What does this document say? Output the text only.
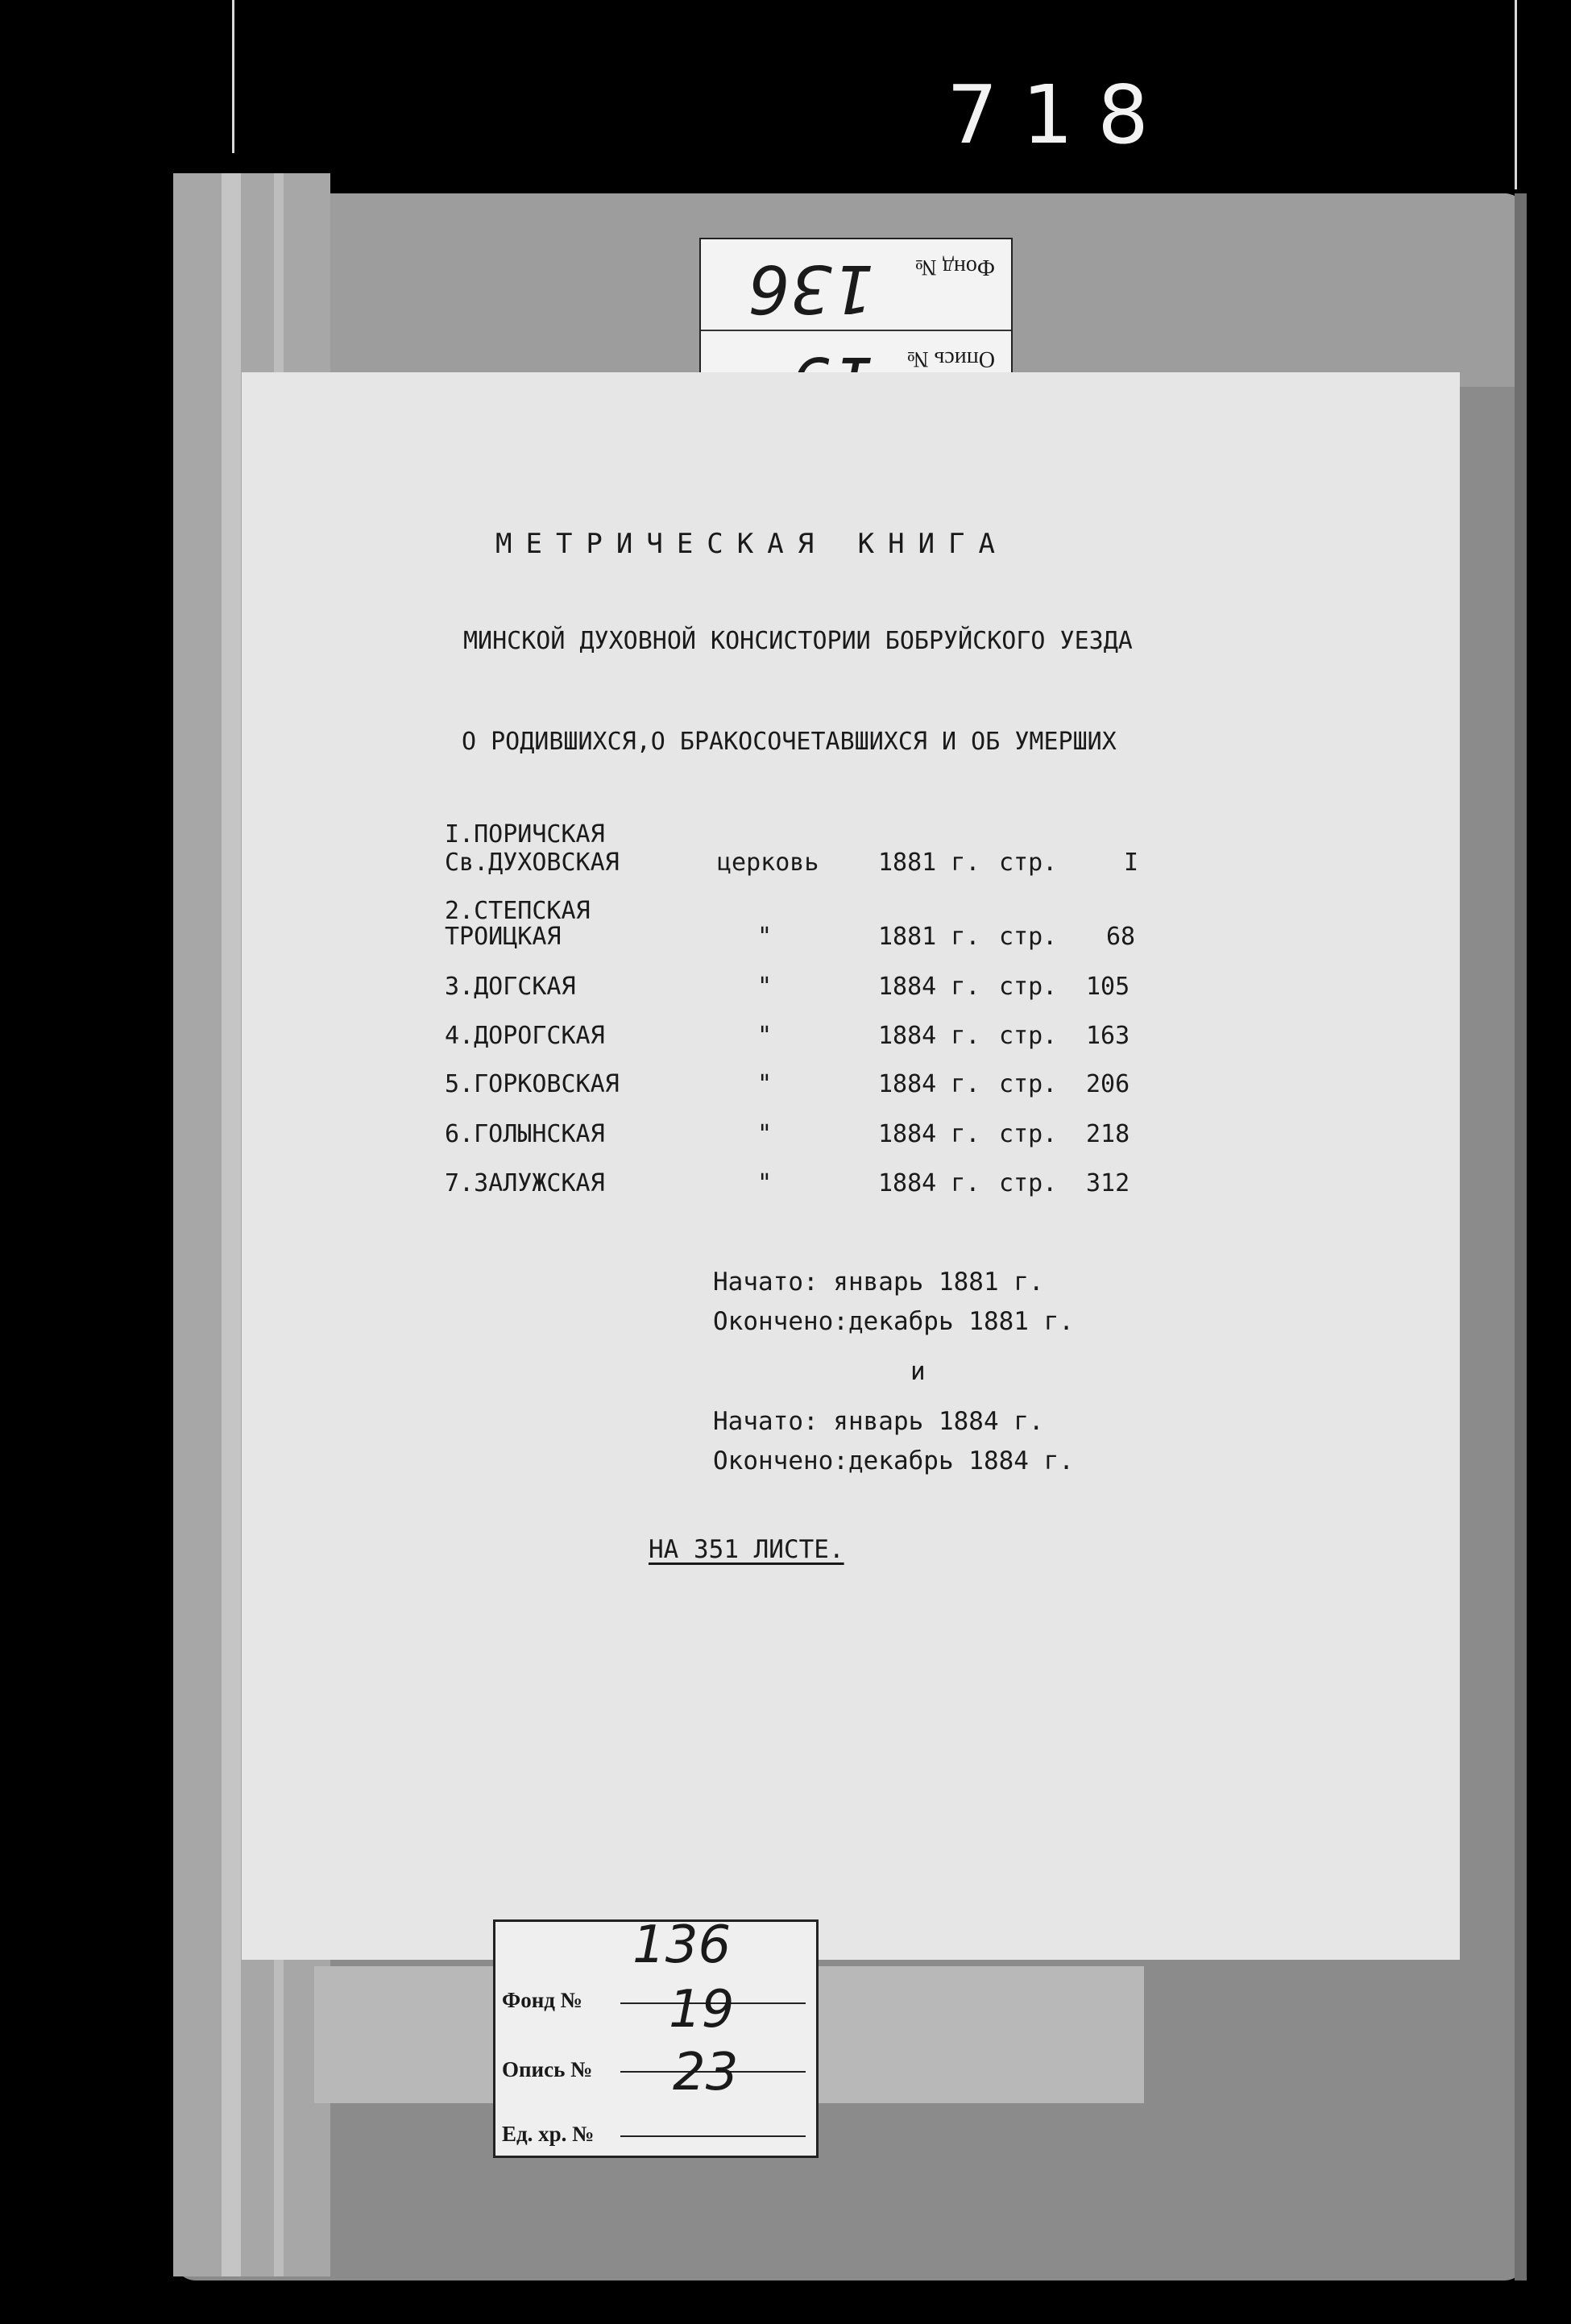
718
Опись №
Фонд №
136
МЕТРИЧЕСКАЯ КНИГА
МИНСКОЙ ДУХОВНОЙ КОНСИСТОРИИ БОБРУЙСКОГО УЕЗДА
О РОДИВШИХСЯ,О БРАКОСОЧЕТАВШИХСЯ И ОБ УМЕРШИХ
I.ПОРИЧСКАЯ
Св.ДУХОВСКАЯ	церковь 1881 г. стр.	I
2.СТЕПСКАЯ
ТРОИЦКАЯ	"	1881 г. стр. 68
3.ДОГСКАЯ	"	1884 г. стр. 105
4.ДОРОГСКАЯ	"	1884 г. стр. 163
5.ГОРКОВСКАЯ	"	1884 г. стр. 206
6.ГОЛЫНСКАЯ	"	1884 г. стр. 218
7.ЗАЛУЖСКАЯ	"	1884 г. стр. 312
Начато: январь 1881 г.
Окончено:декабрь 1881 г.
и
Начато: январь 1884 г.
Окончено:декабрь 1884 г.
НА 351 ЛИСТЕ.
Фонд №
136
Опись №
19
Ед. хр. №
23
